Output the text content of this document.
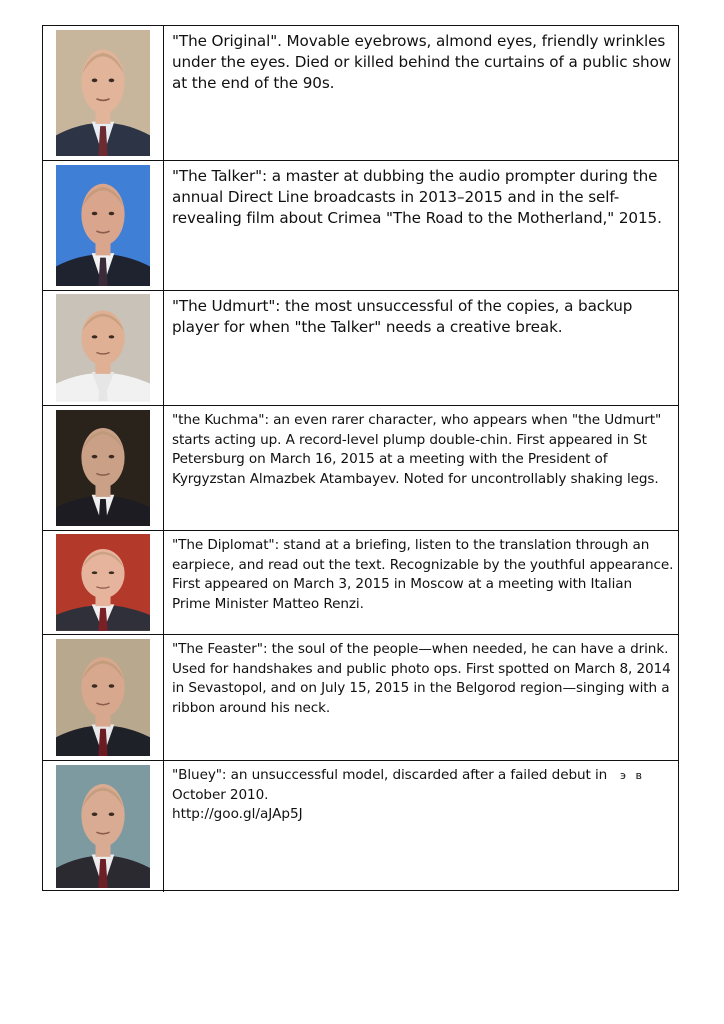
"The Original". Movable eyebrows, almond eyes, friendly wrinkles under the eyes. Died or killed behind the curtains of a public show at the end of the 90s.

"The Talker": a master at dubbing the audio prompter during the annual Direct Line broadcasts in 2013–2015 and in the self-revealing film about Crimea "The Road to the Motherland," 2015.

"The Udmurt": the most unsuccessful of the copies, a backup player for when "the Talker" needs a creative break.

"the Kuchma": an even rarer character, who appears when "the Udmurt" starts acting up. A record-level plump double-chin. First appeared in St Petersburg on March 16, 2015 at a meeting with the President of Kyrgyzstan Almazbek Atambayev. Noted for uncontrollably shaking legs.

"The Diplomat": stand at a briefing, listen to the translation through an earpiece, and read out the text. Recognizable by the youthful appearance. First appeared on March 3, 2015 in Moscow at a meeting with Italian Prime Minister Matteo Renzi.

"The Feaster": the soul of the people—when needed, he can have a drink. Used for handshakes and public photo ops. First spotted on March 8, 2014 in Sevastopol, and on July 15, 2015 in the Belgorod region—singing with a ribbon around his neck.

"Bluey": an unsuccessful model, discarded after a failed debut in October 2010.

http://goo.gl/aJAp5J

э в
